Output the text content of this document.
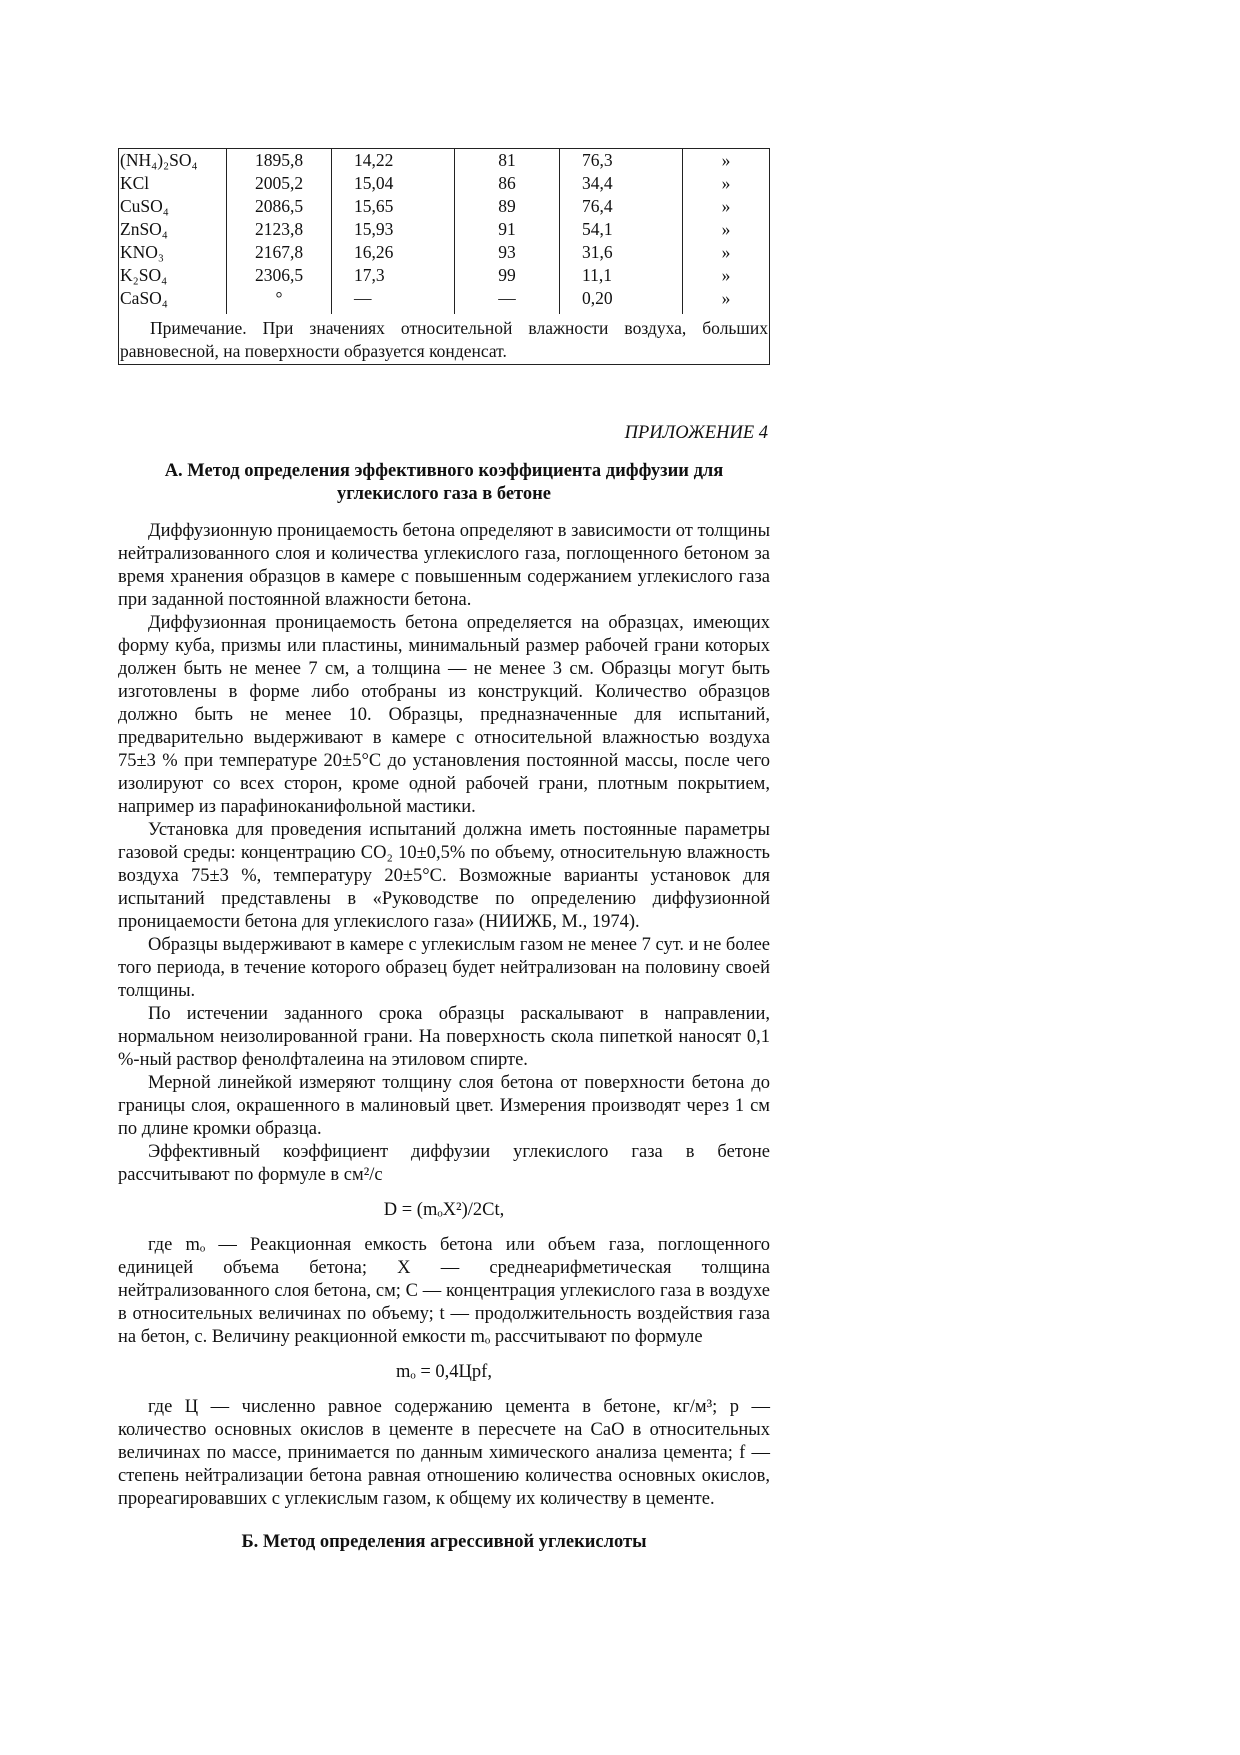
(NH₄)₂SO₄	1895,8	14,22	81	76,3	»
KCl	2005,2	15,04	86	34,4	»
CuSO₄	2086,5	15,65	89	76,4	»
ZnSO₄	2123,8	15,93	91	54,1	»
KNO₃	2167,8	16,26	93	31,6	»
K₂SO₄	2306,5	17,3	99	11,1	»
CaSO₄	°	—	—	0,20	»
Примечание. При значениях относительной влажности воздуха, больших равновесной, на поверхности образуется конденсат.
ПРИЛОЖЕНИЕ 4
А. Метод определения эффективного коэффициента диффузии для углекислого газа в бетоне

Диффузионную проницаемость бетона определяют в зависимости от толщины нейтрализованного слоя и количества углекислого газа, поглощенного бетоном за время хранения образцов в камере с повышенным содержанием углекислого газа при заданной постоянной влажности бетона.

Диффузионная проницаемость бетона определяется на образцах, имеющих форму куба, призмы или пластины, минимальный размер рабочей грани которых должен быть не менее 7 см, а толщина — не менее 3 см. Образцы могут быть изготовлены в форме либо отобраны из конструкций. Количество образцов должно быть не менее 10. Образцы, предназначенные для испытаний, предварительно выдерживают в камере с относительной влажностью воздуха 75±3 % при температуре 20±5°С до установления постоянной массы, после чего изолируют со всех сторон, кроме одной рабочей грани, плотным покрытием, например из парафиноканифольной мастики.

Установка для проведения испытаний должна иметь постоянные параметры газовой среды: концентрацию CO₂ 10±0,5% по объему, относительную влажность воздуха 75±3 %, температуру 20±5°С. Возможные варианты установок для испытаний представлены в «Руководстве по определению диффузионной проницаемости бетона для углекислого газа» (НИИЖБ, М., 1974).

Образцы выдерживают в камере с углекислым газом не менее 7 сут. и не более того периода, в течение которого образец будет нейтрализован на половину своей толщины.

По истечении заданного срока образцы раскалывают в направлении, нормальном неизолированной грани. На поверхность скола пипеткой наносят 0,1 %-ный раствор фенолфталеина на этиловом спирте.

Мерной линейкой измеряют толщину слоя бетона от поверхности бетона до границы слоя, окрашенного в малиновый цвет. Измерения производят через 1 см по длине кромки образца.

Эффективный коэффициент диффузии углекислого газа в бетоне рассчитывают по формуле в см²/с

D = (mₒX²)/2Ct,

где mₒ — Реакционная емкость бетона или объем газа, поглощенного единицей объема бетона; X — среднеарифметическая толщина нейтрализованного слоя бетона, см; С — концентрация углекислого газа в воздухе в относительных величинах по объему; t — продолжительность воздействия газа на бетон, с. Величину реакционной емкости mₒ рассчитывают по формуле

mₒ = 0,4Цpf,

где Ц — численно равное содержанию цемента в бетоне, кг/м³; p — количество основных окислов в цементе в пересчете на СаО в относительных величинах по массе, принимается по данным химического анализа цемента; f — степень нейтрализации бетона равная отношению количества основных окислов, прореагировавших с углекислым газом, к общему их количеству в цементе.

Б. Метод определения агрессивной углекислоты
